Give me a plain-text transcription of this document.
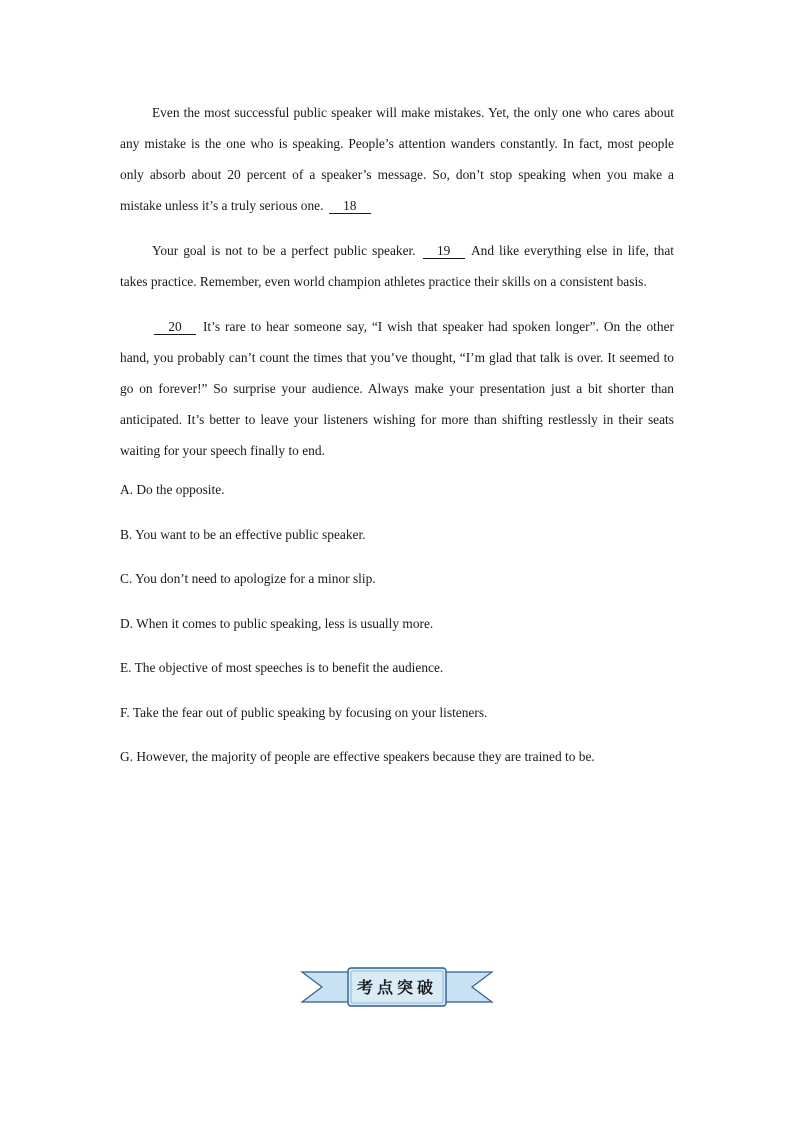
Even the most successful public speaker will make mistakes. Yet, the only one who cares about any mistake is the one who is speaking. People’s attention wanders constantly. In fact, most people only absorb about 20 percent of a speaker’s message. So, don’t stop speaking when you make a mistake unless it’s a truly serious one. 18

Your goal is not to be a perfect public speaker. 19 And like everything else in life, that takes practice. Remember, even world champion athletes practice their skills on a consistent basis.

20 It’s rare to hear someone say, “I wish that speaker had spoken longer”. On the other hand, you probably can’t count the times that you’ve thought, “I’m glad that talk is over. It seemed to go on forever!” So surprise your audience. Always make your presentation just a bit shorter than anticipated. It’s better to leave your listeners wishing for more than shifting restlessly in their seats waiting for your speech finally to end.

A. Do the opposite.

B. You want to be an effective public speaker.

C. You don’t need to apologize for a minor slip.

D. When it comes to public speaking, less is usually more.

E. The objective of most speeches is to benefit the audience.

F. Take the fear out of public speaking by focusing on your listeners.

G. However, the majority of people are effective speakers because they are trained to be.

考点突破
